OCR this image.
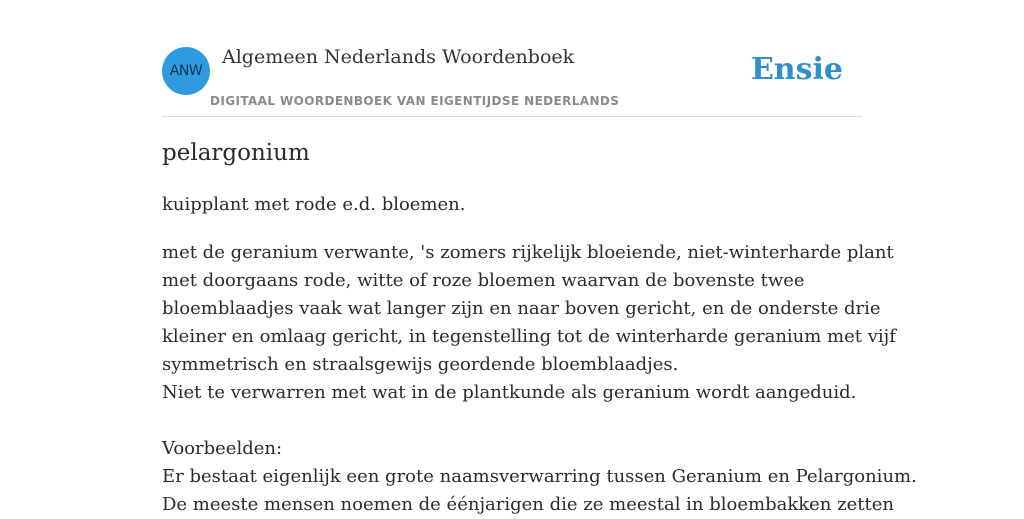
ANW
Algemeen Nederlands Woordenboek
DIGITAAL WOORDENBOEK VAN EIGENTIJDSE NEDERLANDS
Ensie
pelargonium
kuipplant met rode e.d. bloemen.

met de geranium verwante, 's zomers rijkelijk bloeiende, niet-winterharde plant

met doorgaans rode, witte of roze bloemen waarvan de bovenste twee

bloemblaadjes vaak wat langer zijn en naar boven gericht, en de onderste drie

kleiner en omlaag gericht, in tegenstelling tot de winterharde geranium met vijf

symmetrisch en straalsgewijs geordende bloemblaadjes.

Niet te verwarren met wat in de plantkunde als geranium wordt aangeduid.

Voorbeelden:

Er bestaat eigenlijk een grote naamsverwarring tussen Geranium en Pelargonium.

De meeste mensen noemen de éénjarigen die ze meestal in bloembakken zetten
